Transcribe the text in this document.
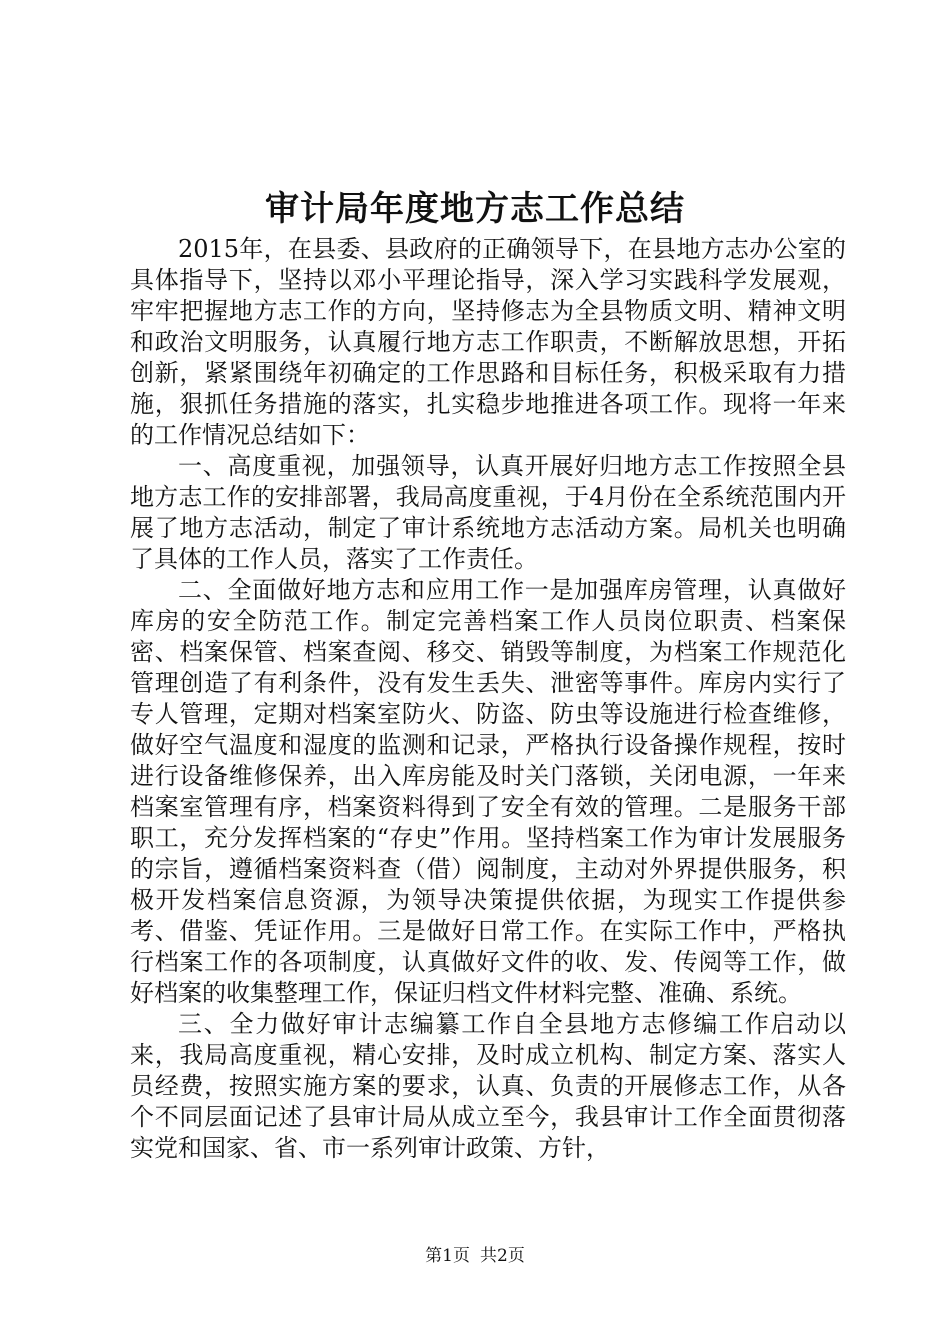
审计局年度地方志工作总结

2015年，在县委、县政府的正确领导下，在县地方志办公室的具体指导下，坚持以邓小平理论指导，深入学习实践科学发展观，牢牢把握地方志工作的方向，坚持修志为全县物质文明、精神文明和政治文明服务，认真履行地方志工作职责，不断解放思想，开拓创新，紧紧围绕年初确定的工作思路和目标任务，积极采取有力措施，狠抓任务措施的落实，扎实稳步地推进各项工作。现将一年来的工作情况总结如下：

一、高度重视，加强领导，认真开展好归地方志工作按照全县地方志工作的安排部署，我局高度重视，于4月份在全系统范围内开展了地方志活动，制定了审计系统地方志活动方案。局机关也明确了具体的工作人员，落实了工作责任。

二、全面做好地方志和应用工作一是加强库房管理，认真做好库房的安全防范工作。制定完善档案工作人员岗位职责、档案保密、档案保管、档案查阅、移交、销毁等制度，为档案工作规范化管理创造了有利条件，没有发生丢失、泄密等事件。库房内实行了专人管理，定期对档案室防火、防盗、防虫等设施进行检查维修，做好空气温度和湿度的监测和记录，严格执行设备操作规程，按时进行设备维修保养，出入库房能及时关门落锁，关闭电源，一年来档案室管理有序，档案资料得到了安全有效的管理。二是服务干部职工，充分发挥档案的“存史”作用。坚持档案工作为审计发展服务的宗旨，遵循档案资料查（借）阅制度，主动对外界提供服务，积极开发档案信息资源，为领导决策提供依据，为现实工作提供参考、借鉴、凭证作用。三是做好日常工作。在实际工作中，严格执行档案工作的各项制度，认真做好文件的收、发、传阅等工作，做好档案的收集整理工作，保证归档文件材料完整、准确、系统。

三、全力做好审计志编纂工作自全县地方志修编工作启动以来，我局高度重视，精心安排，及时成立机构、制定方案、落实人员经费，按照实施方案的要求，认真、负责的开展修志工作，从各个不同层面记述了县审计局从成立至今，我县审计工作全面贯彻落实党和国家、省、市一系列审计政策、方针，

第1页 共2页
